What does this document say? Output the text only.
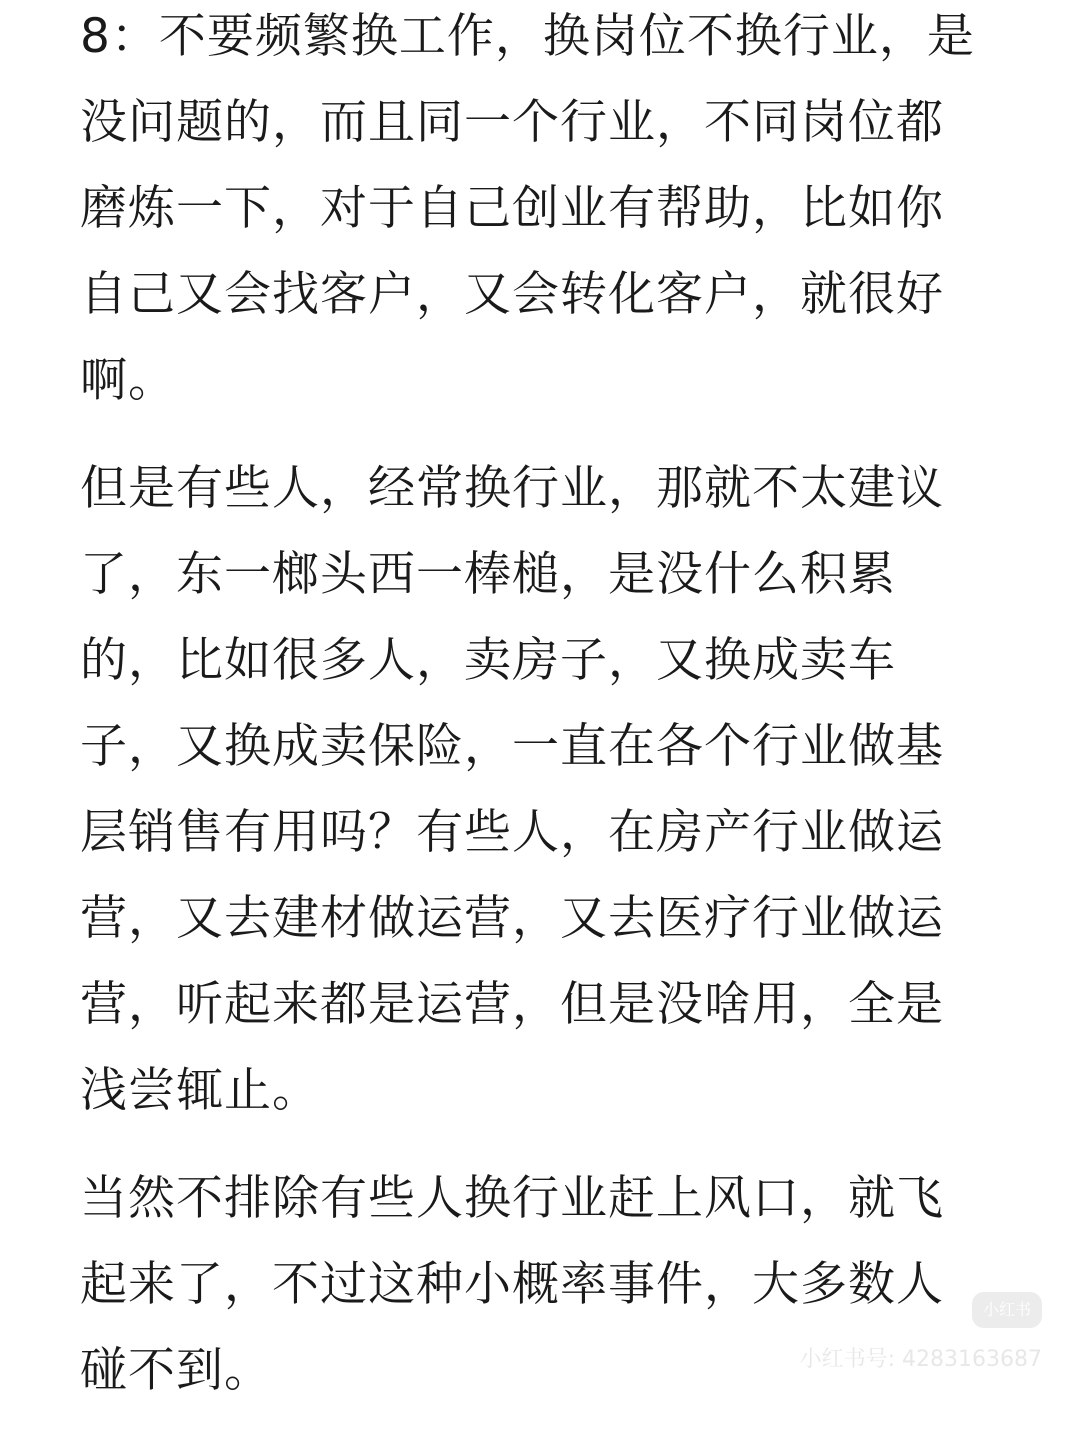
8：不要频繁换工作，换岗位不换行业，是
没问题的，而且同一个行业，不同岗位都
磨炼一下，对于自己创业有帮助，比如你
自己又会找客户，又会转化客户，就很好
啊。
但是有些人，经常换行业，那就不太建议
了，东一榔头西一棒槌，是没什么积累
的，比如很多人，卖房子，又换成卖车
子，又换成卖保险，一直在各个行业做基
层销售有用吗？有些人，在房产行业做运
营，又去建材做运营，又去医疗行业做运
营，听起来都是运营，但是没啥用，全是
浅尝辄止。
当然不排除有些人换行业赶上风口，就飞
起来了，不过这种小概率事件，大多数人
碰不到。
小红书
小红书号: 4283163687
